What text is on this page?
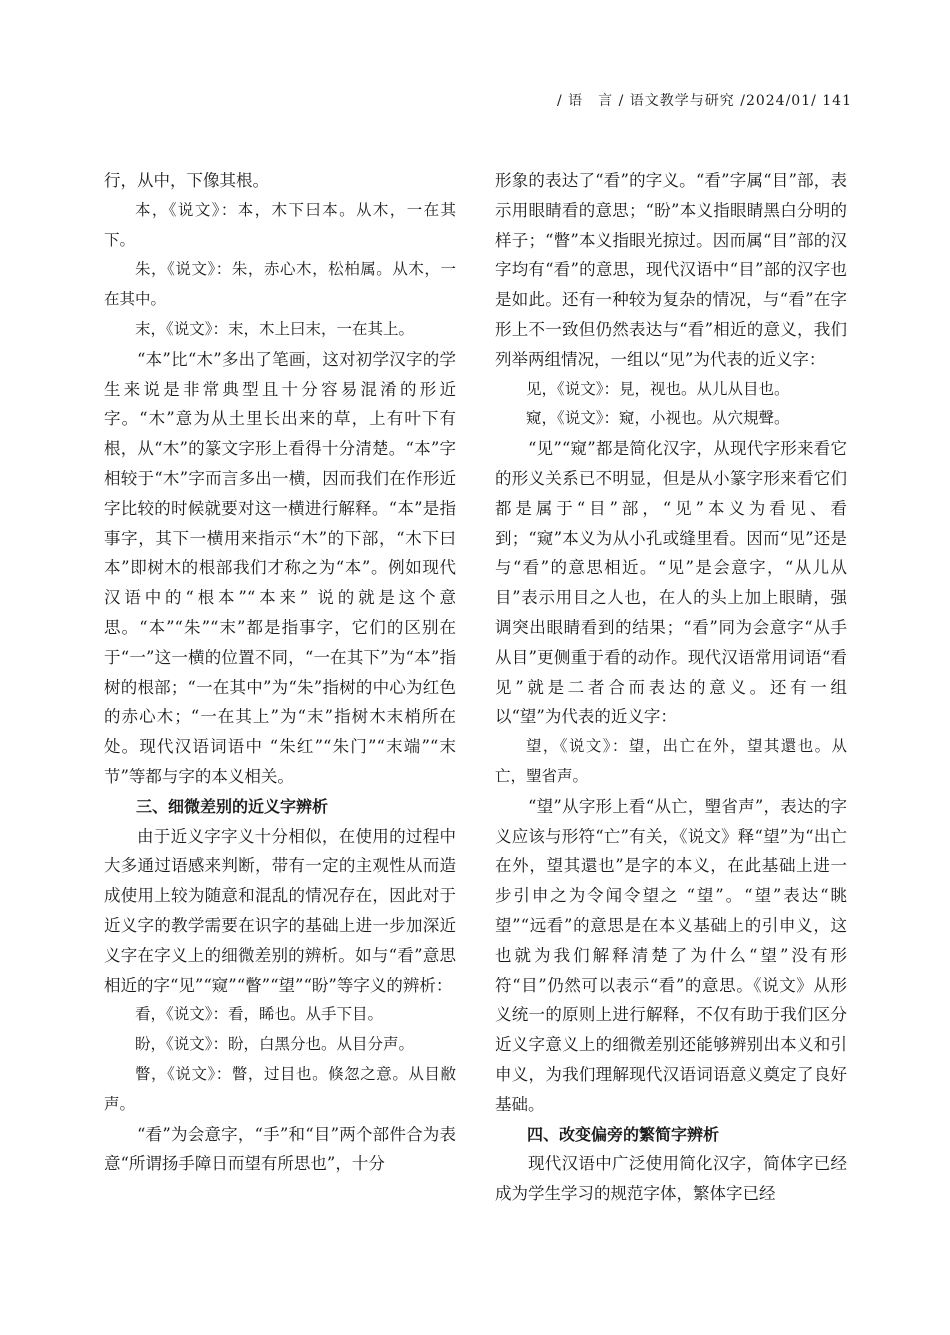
/ 语　言 / 语文教学与研究 /2024/01/ 141

行，从中，下像其根。

本，《说文》：本，木下曰本。从木，一在其下。

朱，《说文》：朱，赤心木，松柏属。从木，一在其中。

末，《说文》：末，木上曰末，一在其上。

“本”比“木”多出了笔画，这对初学汉字的学生来说是非常典型且十分容易混淆的形近字。“木”意为从土里长出来的草，上有叶下有根，从“木”的篆文字形上看得十分清楚。“本”字相较于“木”字而言多出一横，因而我们在作形近字比较的时候就要对这一横进行解释。“本”是指事字，其下一横用来指示“木”的下部，“木下曰本”即树木的根部我们才称之为“本”。例如现代汉语中的“根本”“本来” 说的就是这个意思。“本”“朱”“末”都是指事字，它们的区别在于“一”这一横的位置不同，“一在其下”为“本”指树的根部；“一在其中”为“朱”指树的中心为红色的赤心木；“一在其上”为“末”指树木末梢所在处。现代汉语词语中 “朱红”“朱门”“末端”“末节”等都与字的本义相关。

三、细微差别的近义字辨析

由于近义字字义十分相似，在使用的过程中大多通过语感来判断，带有一定的主观性从而造成使用上较为随意和混乱的情况存在，因此对于近义字的教学需要在识字的基础上进一步加深近义字在字义上的细微差别的辨析。如与“看”意思相近的字“见”“窥”“瞥”“望”“盼”等字义的辨析：

看，《说文》：看，睎也。从手下目。

盼，《说文》：盼，白黑分也。从目分声。

瞥，《说文》：瞥，过目也。倏忽之意。从目敝声。

“看”为会意字，“手”和“目”两个部件合为表意“所谓扬手障日而望有所思也”，十分

形象的表达了“看”的字义。“看”字属“目”部，表示用眼睛看的意思；“盼”本义指眼睛黑白分明的样子；“瞥”本义指眼光掠过。因而属“目”部的汉字均有“看”的意思，现代汉语中“目”部的汉字也是如此。还有一种较为复杂的情况，与“看”在字形上不一致但仍然表达与“看”相近的意义，我们列举两组情况，一组以“见”为代表的近义字：

见，《说文》：見，视也。从儿从目也。

窥，《说文》：窥，小视也。从穴規聲。

“见”“窥”都是简化汉字，从现代字形来看它的形义关系已不明显，但是从小篆字形来看它们都是属于“目”部，“见”本义为看见、看到；“窥”本义为从小孔或缝里看。因而“见”还是与“看”的意思相近。“见”是会意字，“从儿从目”表示用目之人也，在人的头上加上眼睛，强调突出眼睛看到的结果；“看”同为会意字“从手从目”更侧重于看的动作。现代汉语常用词语“看见”就是二者合而表达的意义。还有一组以“望”为代表的近义字：

望，《说文》：望，出亡在外，望其還也。从亡，朢省声。

“望”从字形上看“从亡，朢省声”，表达的字义应该与形符“亡”有关，《说文》释“望”为“出亡在外，望其還也”是字的本义，在此基础上进一步引申之为令闻令望之 “望”。“望”表达“眺望”“远看”的意思是在本义基础上的引申义，这也就为我们解释清楚了为什么“望”没有形符“目”仍然可以表示“看”的意思。《说文》从形义统一的原则上进行解释，不仅有助于我们区分近义字意义上的细微差别还能够辨别出本义和引申义，为我们理解现代汉语词语意义奠定了良好基础。

四、改变偏旁的繁简字辨析

现代汉语中广泛使用简化汉字，简体字已经成为学生学习的规范字体，繁体字已经
